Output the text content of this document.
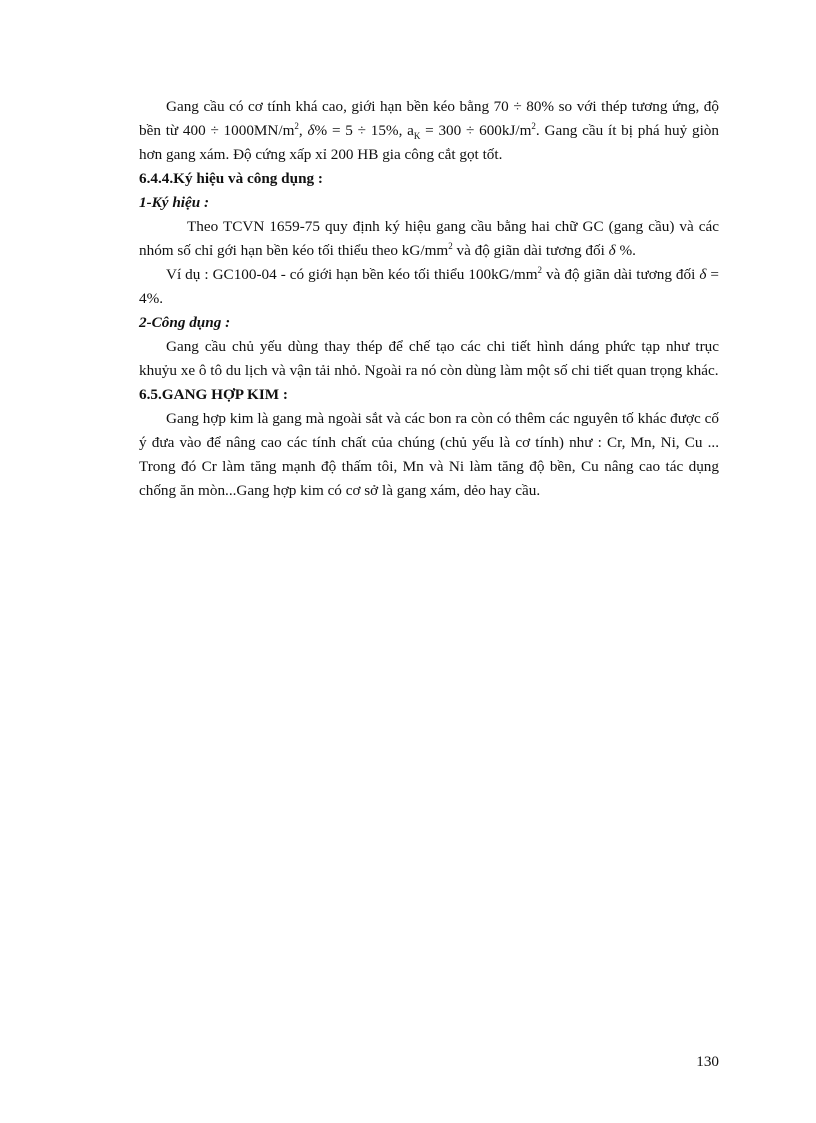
Gang cầu có cơ tính khá cao, giới hạn bền kéo bằng 70 ÷ 80% so với thép tương ứng, độ bền từ $400 \div 1000MN/m^2$, δ% = 5 ÷ 15%, $a_K = 300 \div 600kJ/m^2$. Gang cầu ít bị phá huỷ giòn hơn gang xám. Độ cứng xấp xỉ 200 HB gia công cắt gọt tốt.

6.4.4.Ký hiệu và công dụng :

1-Ký hiệu :

Theo TCVN 1659-75 quy định ký hiệu gang cầu bằng hai chữ GC (gang cầu) và các nhóm số chỉ gới hạn bền kéo tối thiểu theo $kG/mm^2$ và độ giãn dài tương đối δ %.

Ví dụ : GC100-04 - có giới hạn bền kéo tối thiểu $100kG/mm^2$ và độ giãn dài tương đối δ = 4%.

2-Công dụng :

Gang cầu chủ yếu dùng thay thép để chế tạo các chi tiết hình dáng phức tạp như trục khuỷu xe ô tô du lịch và vận tải nhỏ. Ngoài ra nó còn dùng làm một số chi tiết quan trọng khác.

6.5.GANG HỢP KIM :

Gang hợp kim là gang mà ngoài sắt và các bon ra còn có thêm các nguyên tố khác được cố ý đưa vào để nâng cao các tính chất của chúng (chủ yếu là cơ tính) như : Cr, Mn, Ni, Cu ... Trong đó Cr làm tăng mạnh độ thấm tôi, Mn và Ni làm tăng độ bền, Cu nâng cao tác dụng chống ăn mòn...Gang hợp kim có cơ sở là gang xám, dẻo hay cầu.

130
